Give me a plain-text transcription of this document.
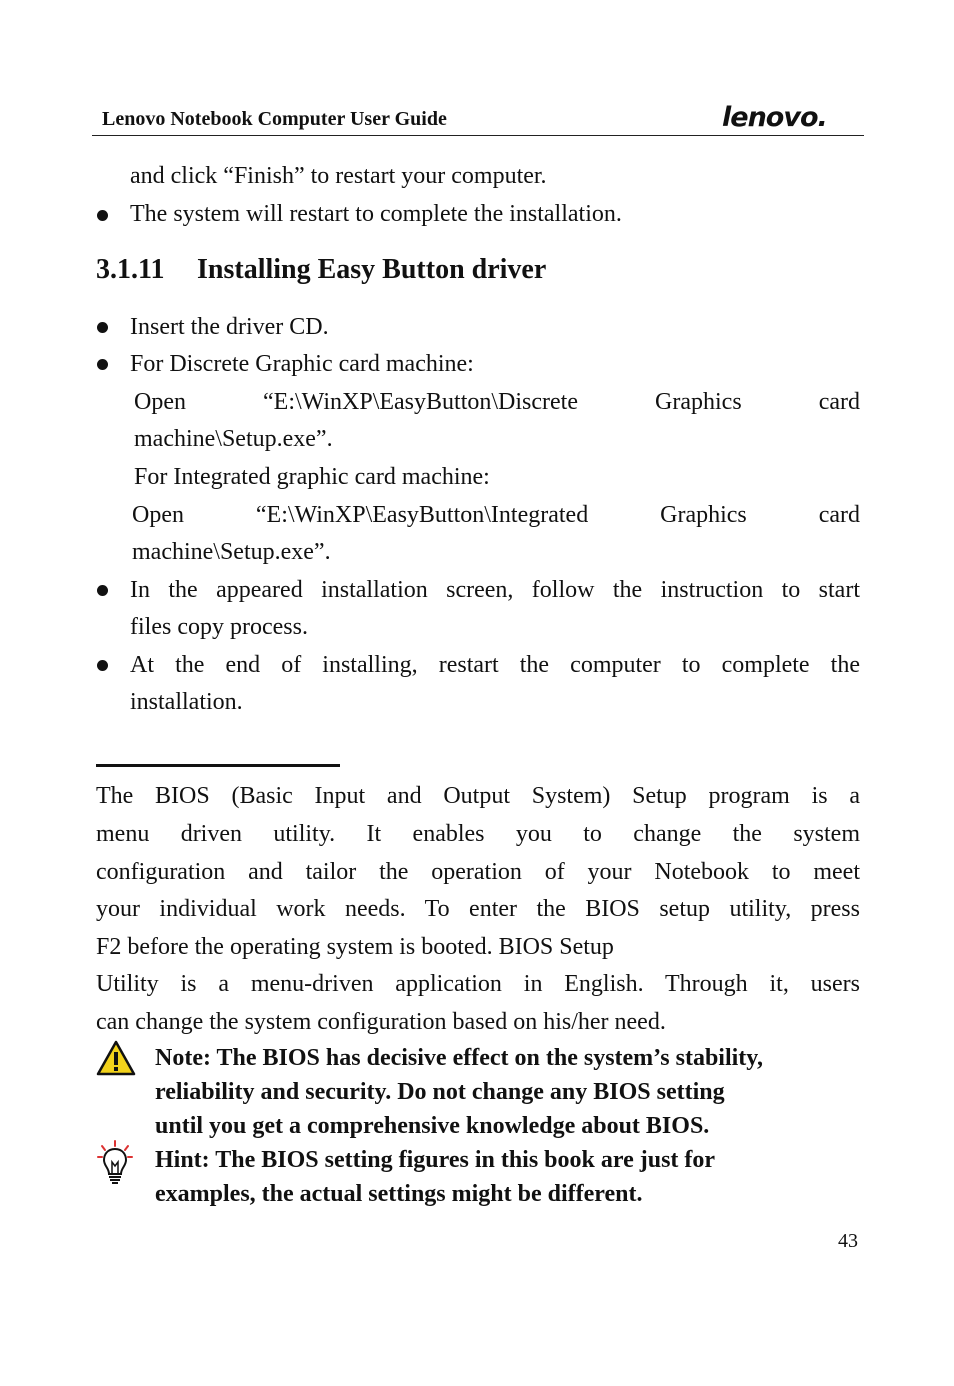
Lenovo Notebook Computer User Guide	lenovo.
and click “Finish” to restart your computer.
The system will restart to complete the installation.
3.1.11 Installing Easy Button driver
Insert the driver CD.
For Discrete Graphic card machine:
Open	“E:\WinXP\EasyButton\Discrete	Graphics	card
machine\Setup.exe”.
For Integrated graphic card machine:
Open	“E:\WinXP\EasyButton\Integrated	Graphics	card
machine\Setup.exe”.
In the appeared installation screen, follow the instruction to start
files copy process.
At the end of installing, restart the computer to complete the
installation.
The BIOS (Basic Input and Output System) Setup program is a
menu driven utility. It enables you to change the system
configuration and tailor the operation of your Notebook to meet
your individual work needs. To enter the BIOS setup utility, press
F2 before the operating system is booted. BIOS Setup
Utility is a menu-driven application in English. Through it, users
can change the system configuration based on his/her need.
Note: The BIOS has decisive effect on the system’s stability,
reliability and security. Do not change any BIOS setting
until you get a comprehensive knowledge about BIOS.
Hint: The BIOS setting figures in this book are just for
examples, the actual settings might be different.
43
